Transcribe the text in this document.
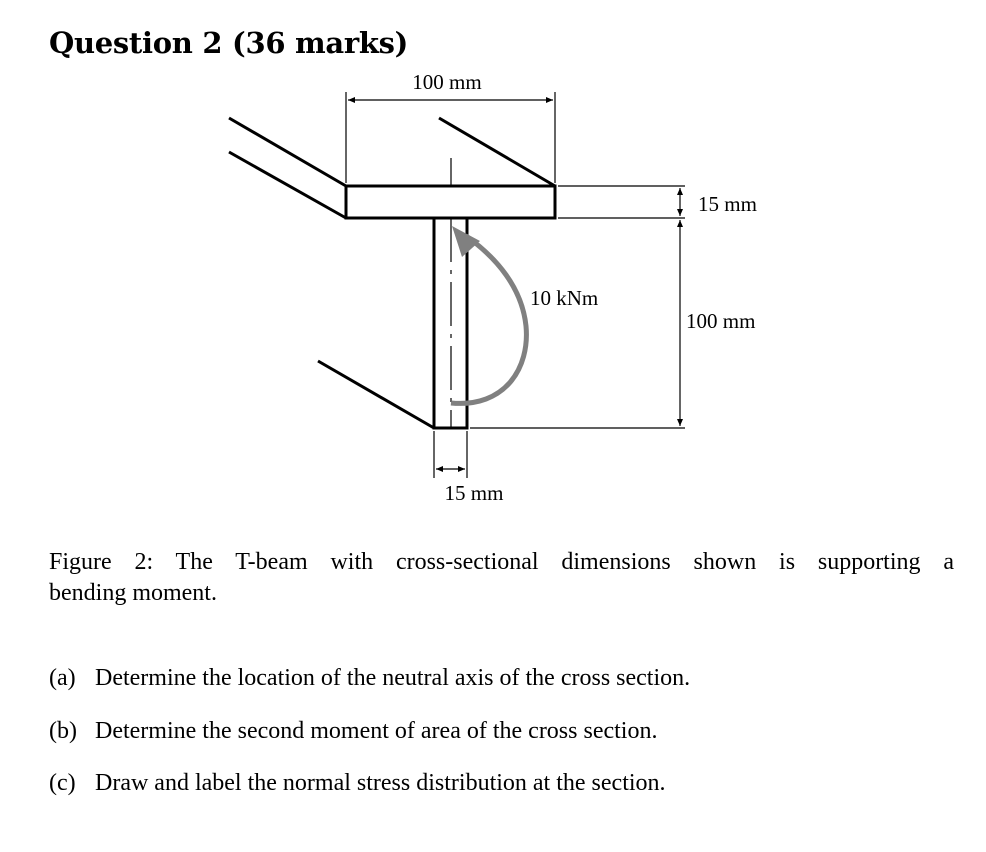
Question 2 (36 marks)
100 mm
15 mm
100 mm
15 mm
10 kNm
Figure 2: The T-beam with cross-sectional dimensions shown is supporting a
bending moment.
(a) Determine the location of the neutral axis of the cross section.
(b) Determine the second moment of area of the cross section.
(c) Draw and label the normal stress distribution at the section.
